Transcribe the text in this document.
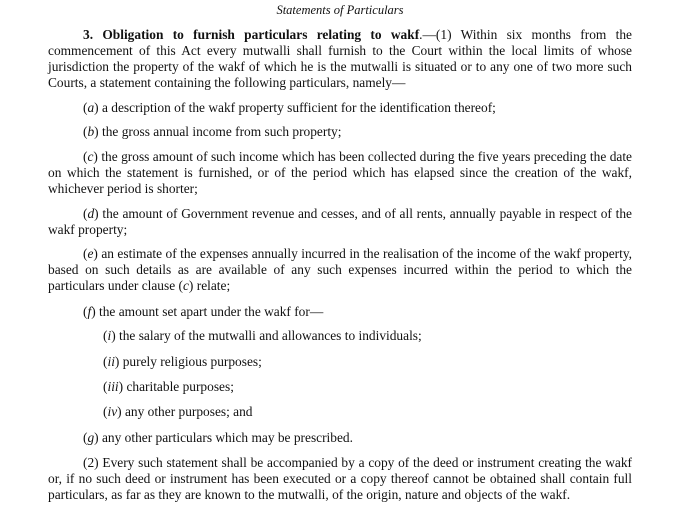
Statements of Particulars

3. Obligation to furnish particulars relating to wakf.—(1) Within six months from the commencement of this Act every mutwalli shall furnish to the Court within the local limits of whose jurisdiction the property of the wakf of which he is the mutwalli is situated or to any one of two more such Courts, a statement containing the following particulars, namely—

(a) a description of the wakf property sufficient for the identification thereof;

(b) the gross annual income from such property;

(c) the gross amount of such income which has been collected during the five years preceding the date on which the statement is furnished, or of the period which has elapsed since the creation of the wakf, whichever period is shorter;

(d) the amount of Government revenue and cesses, and of all rents, annually payable in respect of the wakf property;

(e) an estimate of the expenses annually incurred in the realisation of the income of the wakf property, based on such details as are available of any such expenses incurred within the period to which the particulars under clause (c) relate;

(f) the amount set apart under the wakf for—

(i) the salary of the mutwalli and allowances to individuals;

(ii) purely religious purposes;

(iii) charitable purposes;

(iv) any other purposes; and

(g) any other particulars which may be prescribed.

(2) Every such statement shall be accompanied by a copy of the deed or instrument creating the wakf or, if no such deed or instrument has been executed or a copy thereof cannot be obtained shall contain full particulars, as far as they are known to the mutwalli, of the origin, nature and objects of the wakf.
